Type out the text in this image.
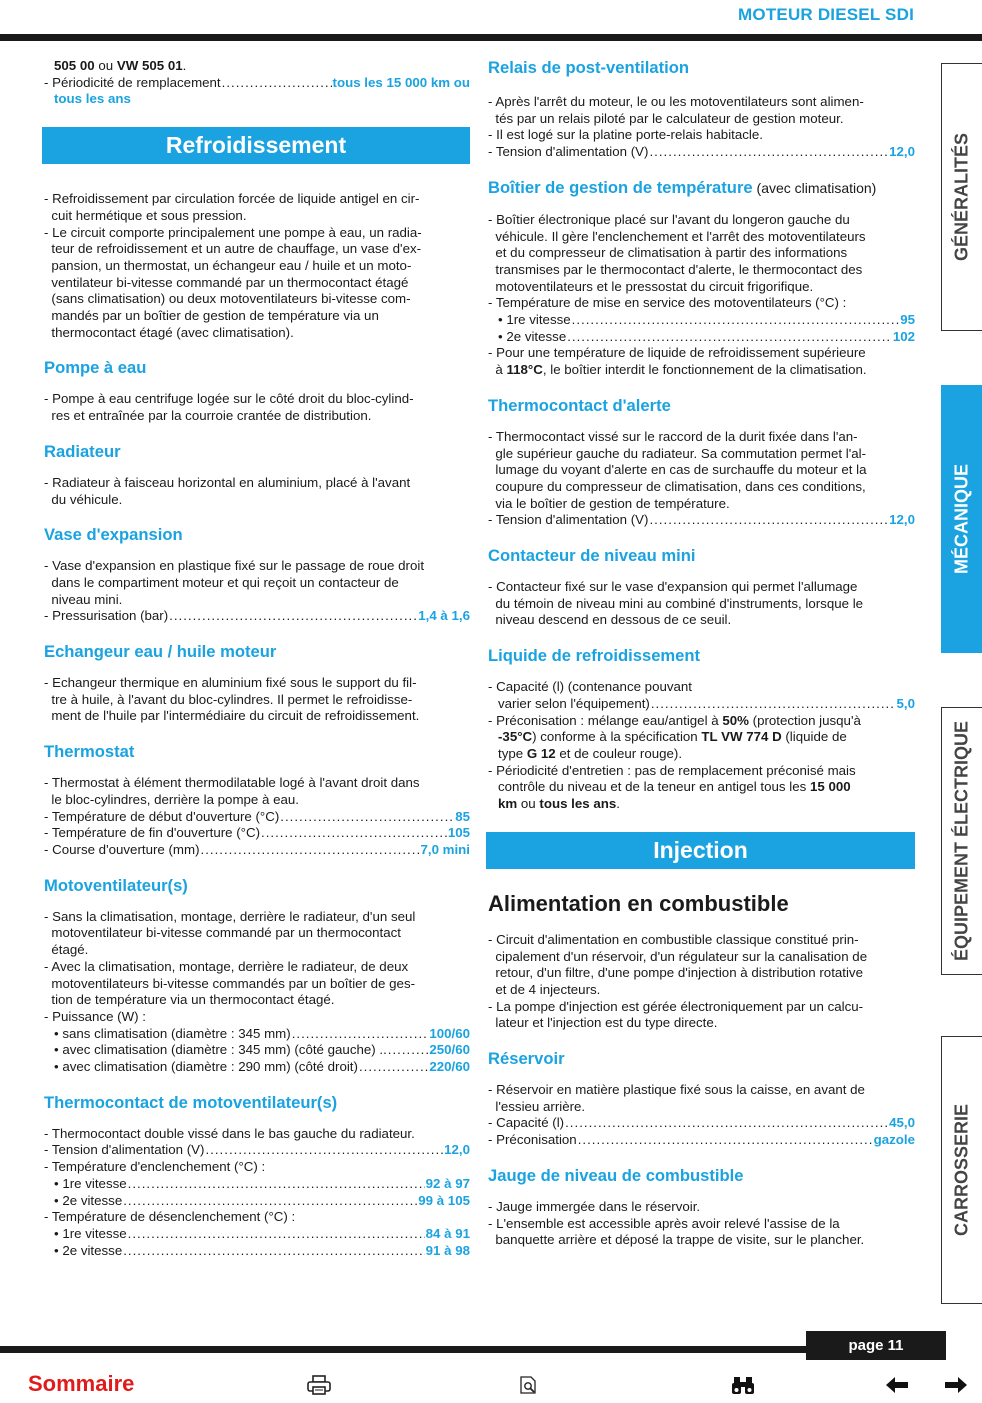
MOTEUR DIESEL SDI

505 00 ou VW 505 01.

- Périodicité de remplacement .....	tous les 15 000 km ou

tous les ans

Refroidissement

- Refroidissement par circulation forcée de liquide antigel en cir-

cuit hermétique et sous pression.

- Le circuit comporte principalement une pompe à eau, un radia-

teur de refroidissement et un autre de chauffage, un vase d'ex-

pansion, un thermostat, un échangeur eau / huile et un moto-

ventilateur bi-vitesse commandé par un thermocontact étagé

(sans climatisation) ou deux motoventilateurs bi-vitesse com-

mandés par un boîtier de gestion de température via un

thermocontact étagé (avec climatisation).

Pompe à eau

- Pompe à eau centrifuge logée sur le côté droit du bloc-cylind-

res et entraînée par la courroie crantée de distribution.

Radiateur

- Radiateur à faisceau horizontal en aluminium, placé à l'avant

du véhicule.

Vase d'expansion

- Vase d'expansion en plastique fixé sur le passage de roue droit

dans le compartiment moteur et qui reçoit un contacteur de

niveau mini.

- Pressurisation (bar) .....	1,4 à 1,6
Echangeur eau / huile moteur

- Echangeur thermique en aluminium fixé sous le support du fil-

tre à huile, à l'avant du bloc-cylindres. Il permet le refroidisse-

ment de l'huile par l'intermédiaire du circuit de refroidissement.

Thermostat

- Thermostat à élément thermodilatable logé à l'avant droit dans

le bloc-cylindres, derrière la pompe à eau.

- Température de début d'ouverture (°C) .....	85
- Température de fin d'ouverture (°C) .....	105
- Course d'ouverture (mm) .....	7,0 mini
Motoventilateur(s)

- Sans la climatisation, montage, derrière le radiateur, d'un seul

motoventilateur bi-vitesse commandé par un thermocontact

étagé.

- Avec la climatisation, montage, derrière le radiateur, de deux

motoventilateurs bi-vitesse commandés par un boîtier de ges-

tion de température via un thermocontact étagé.

- Puissance (W) :

• sans climatisation (diamètre : 345 mm) .....	100/60
• avec climatisation (diamètre : 345 mm) (côté gauche) .. .....	250/60
• avec climatisation (diamètre : 290 mm) (côté droit) .....	220/60
Thermocontact de motoventilateur(s)

- Thermocontact double vissé dans le bas gauche du radiateur.

- Tension d'alimentation (V) .....	12,0

- Température d'enclenchement (°C) :

• 1re vitesse .....	92 à 97
• 2e vitesse .....	99 à 105

- Température de désenclenchement (°C) :

• 1re vitesse .....	84 à 91
• 2e vitesse .....	91 à 98
Relais de post-ventilation

- Après l'arrêt du moteur, le ou les motoventilateurs sont alimen-

tés par un relais piloté par le calculateur de gestion moteur.

- Il est logé sur la platine porte-relais habitacle.

- Tension d'alimentation (V) .....	12,0
Boîtier de gestion de température (avec climatisation)

- Boîtier électronique placé sur l'avant du longeron gauche du

véhicule. Il gère l'enclenchement et l'arrêt des motoventilateurs

et du compresseur de climatisation à partir des informations

transmises par le thermocontact d'alerte, le thermocontact des

motoventilateurs et le pressostat du circuit frigorifique.

- Température de mise en service des motoventilateurs (°C) :

• 1re vitesse .....	95
• 2e vitesse .....	102

- Pour une température de liquide de refroidissement supérieure

à 118°C, le boîtier interdit le fonctionnement de la climatisation.

Thermocontact d'alerte

- Thermocontact vissé sur le raccord de la durit fixée dans l'an-

gle supérieur gauche du radiateur. Sa commutation permet l'al-

lumage du voyant d'alerte en cas de surchauffe du moteur et la

coupure du compresseur de climatisation, dans ces conditions,

via le boîtier de gestion de température.

- Tension d'alimentation (V) .....	12,0
Contacteur de niveau mini

- Contacteur fixé sur le vase d'expansion qui permet l'allumage

du témoin de niveau mini au combiné d'instruments, lorsque le

niveau descend en dessous de ce seuil.

Liquide de refroidissement

- Capacité (l) (contenance pouvant

varier selon l'équipement) .....	5,0

- Préconisation : mélange eau/antigel à 50% (protection jusqu'à

-35°C) conforme à la spécification TL VW 774 D (liquide de

type G 12 et de couleur rouge).

- Périodicité d'entretien : pas de remplacement préconisé mais

contrôle du niveau et de la teneur en antigel tous les 15 000

km ou tous les ans.

Injection
Alimentation en combustible

- Circuit d'alimentation en combustible classique constitué prin-

cipalement d'un réservoir, d'un régulateur sur la canalisation de

retour, d'un filtre, d'une pompe d'injection à distribution rotative

et de 4 injecteurs.

- La pompe d'injection est gérée électroniquement par un calcu-

lateur et l'injection est du type directe.

Réservoir

- Réservoir en matière plastique fixé sous la caisse, en avant de

l'essieu arrière.

- Capacité (l) .....	45,0
- Préconisation .....	gazole
Jauge de niveau de combustible

- Jauge immergée dans le réservoir.

- L'ensemble est accessible après avoir relevé l'assise de la

banquette arrière et déposé la trappe de visite, sur le plancher.

GÉNÉRALITÉS
MÉCANIQUE
ÉQUIPEMENT ÉLECTRIQUE
CARROSSERIE
page 11
Sommaire
